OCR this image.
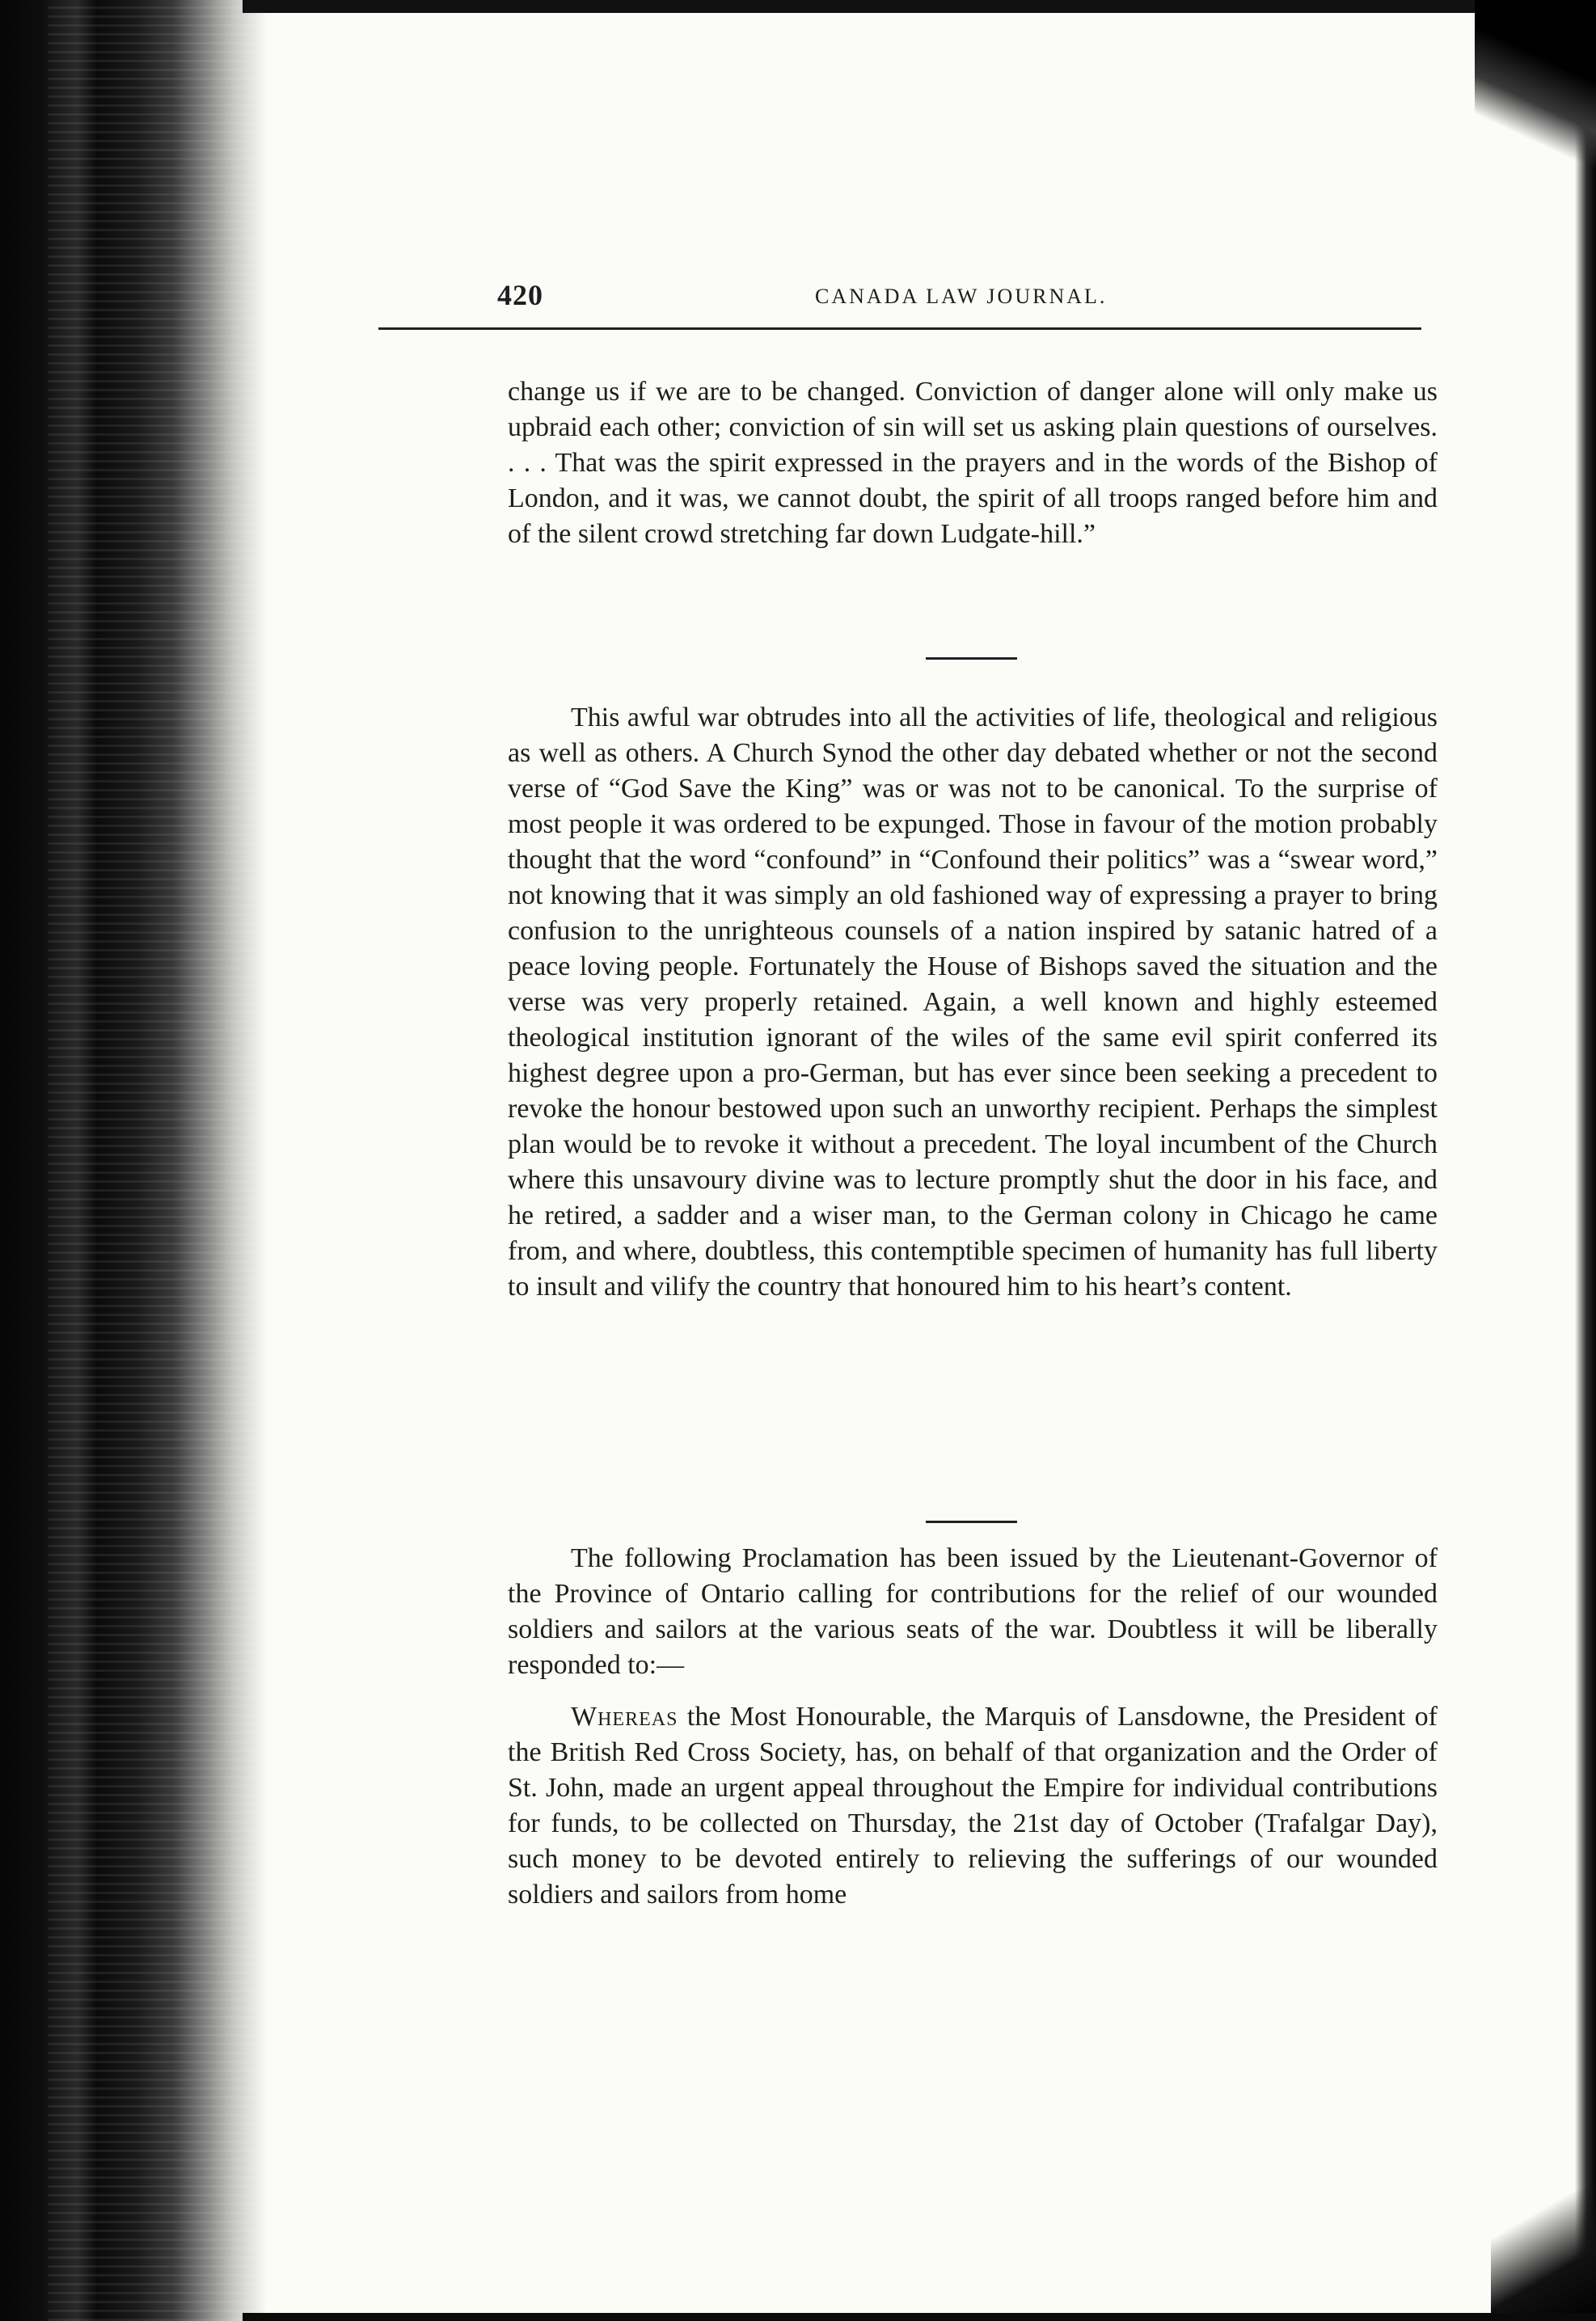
420	CANADA LAW JOURNAL.

change us if we are to be changed. Conviction of danger alone will only make us upbraid each other; conviction of sin will set us asking plain questions of ourselves. . . . That was the spirit expressed in the prayers and in the words of the Bishop of London, and it was, we cannot doubt, the spirit of all troops ranged before him and of the silent crowd stretching far down Ludgate-hill.”

This awful war obtrudes into all the activities of life, theological and religious as well as others. A Church Synod the other day debated whether or not the second verse of “God Save the King” was or was not to be canonical. To the surprise of most people it was ordered to be expunged. Those in favour of the motion probably thought that the word “confound” in “Confound their politics” was a “swear word,” not knowing that it was simply an old fashioned way of expressing a prayer to bring confusion to the unrighteous counsels of a nation inspired by satanic hatred of a peace loving people. Fortunately the House of Bishops saved the situation and the verse was very properly retained. Again, a well known and highly esteemed theological institution ignorant of the wiles of the same evil spirit conferred its highest degree upon a pro-German, but has ever since been seeking a precedent to revoke the honour bestowed upon such an unworthy recipient. Perhaps the simplest plan would be to revoke it without a precedent. The loyal incumbent of the Church where this unsavoury divine was to lecture promptly shut the door in his face, and he retired, a sadder and a wiser man, to the German colony in Chicago he came from, and where, doubtless, this contemptible specimen of humanity has full liberty to insult and vilify the country that honoured him to his heart’s content.

The following Proclamation has been issued by the Lieutenant-Governor of the Province of Ontario calling for contributions for the relief of our wounded soldiers and sailors at the various seats of the war. Doubtless it will be liberally responded to:—

Whereas the Most Honourable, the Marquis of Lansdowne, the President of the British Red Cross Society, has, on behalf of that organization and the Order of St. John, made an urgent appeal throughout the Empire for individual contributions for funds, to be collected on Thursday, the 21st day of October (Trafalgar Day), such money to be devoted entirely to relieving the sufferings of our wounded soldiers and sailors from home
